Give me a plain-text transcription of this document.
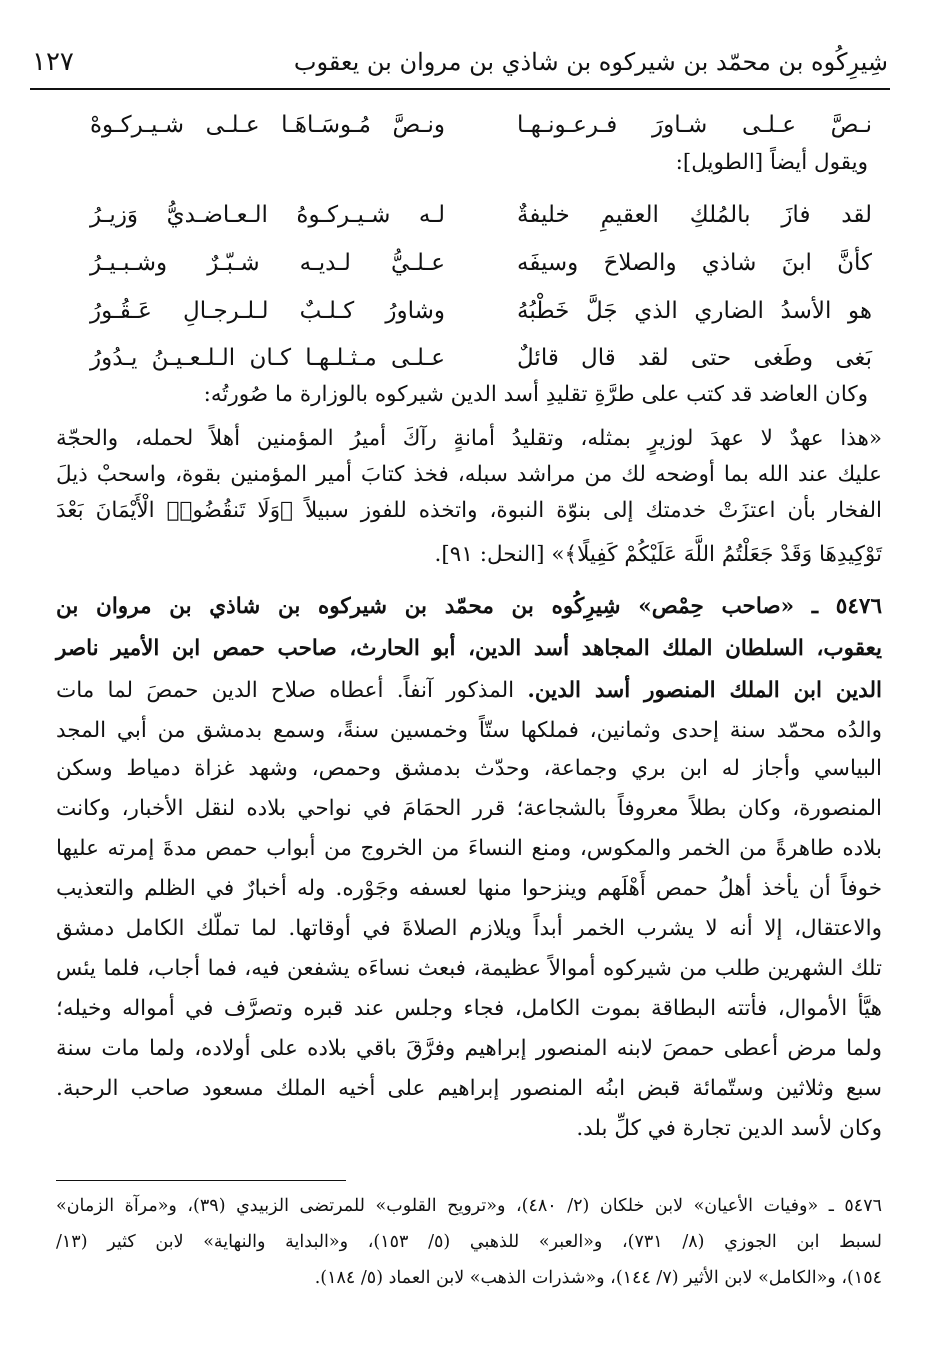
شِيرِكُوه بن محمّد بن شيركوه بن شاذي بن مروان بن يعقوب
١٢٧
نـصَّ عـلـى شـاورَ فـرعـونـهـا
ونـصَّ مُـوسَـاهَـا عـلـى شـيـركـوهْ
ويقول أيضاً [الطويل]:
لقد فازَ بالمُلكِ العقيمِ خليفةٌ
لـه شـيـركـوهُ الـعـاضـديُّ وَزيـرُ
كأنَّ ابنَ شاذي والصلاحَ وسيفَه
عـلـيُّ لـديـه شـبّـرٌ وشـبـيـرُ
هو الأسدُ الضاري الذي جَلَّ خَطْبُهُ
وشاورُ كـلـبٌ لـلـرجـالِ عَـقُـورُ
بَغى وطَغى حتى لقد قال قائلٌ
عـلـى مـثـلـهـا كـان الـلـعـيـنُ يـدُورُ
وكان العاضد قد كتب على طرَّةِ تقليدِ أسد الدين شيركوه بالوزارة ما صُورتُه:
«هذا عهدٌ لا عهدَ لوزيرٍ بمثله، وتقليدُ أمانةٍ رآكَ أميرُ المؤمنين أهلاً لحمله، والحجّة
عليك عند الله بما أوضحه لك من مراشد سبله، فخذ كتابَ أمير المؤمنين بقوة، واسحبْ ذيلَ
الفخار بأن اعتزَتْ خدمتك إلى بنوّة النبوة، واتخذه للفوز سبيلاً ﴿وَلَا تَنقُضُوا۟ الْأَيْمَانَ بَعْدَ
تَوْكِيدِهَا وَقَدْ جَعَلْتُمُ اللَّهَ عَلَيْكُمْ كَفِيلًا﴾» [النحل: ٩١].
٥٤٧٦ ـ «صاحب حِمْص» شِيرِكُوه بن محمّد بن شيركوه بن شاذي بن مروان بن
يعقوب، السلطان الملك المجاهد أسد الدين، أبو الحارث، صاحب حمص ابن الأمير ناصر
الدين ابن الملك المنصور أسد الدين. المذكور آنفاً. أعطاه صلاح الدين حمصَ لما مات
والدُه محمّد سنة إحدى وثمانين، فملكها ستّاً وخمسين سنةً، وسمع بدمشق من أبي المجد
البياسي وأجاز له ابن بري وجماعة، وحدّث بدمشق وحمص، وشهد غزاة دمياط وسكن
المنصورة، وكان بطلاً معروفاً بالشجاعة؛ قرر الحمَامَ في نواحي بلاده لنقل الأخبار، وكانت
بلاده طاهرةً من الخمر والمكوس، ومنع النساءَ من الخروج من أبواب حمص مدةَ إمرته عليها
خوفاً أن يأخذ أهلُ حمص أَهْلَهم وينزحوا منها لعسفه وجَوْره. وله أخبارٌ في الظلم والتعذيب
والاعتقال، إلا أنه لا يشرب الخمر أبداً ويلازم الصلاةَ في أوقاتها. لما تملّك الكامل دمشق
تلك الشهرين طلب من شيركوه أموالاً عظيمة، فبعث نساءَه يشفعن فيه، فما أجاب، فلما يئس
هيَّأ الأموال، فأتته البطاقة بموت الكامل، فجاء وجلس عند قبره وتصرَّف في أمواله وخيله؛
ولما مرض أعطى حمصَ لابنه المنصور إبراهيم وفرَّقَ باقي بلاده على أولاده، ولما مات سنة
سبع وثلاثين وستّمائة قبض ابنُه المنصور إبراهيم على أخيه الملك مسعود صاحب الرحبة.
وكان لأسد الدين تجارة في كلِّ بلد.
٥٤٧٦ ـ «وفيات الأعيان» لابن خلكان (٢/ ٤٨٠)، و«ترويح القلوب» للمرتضى الزبيدي (٣٩)، و«مرآة الزمان»
لسبط ابن الجوزي (٨/ ٧٣١)، و«العبر» للذهبي (٥/ ١٥٣)، و«البداية والنهاية» لابن كثير (١٣/
١٥٤)، و«الكامل» لابن الأثير (٧/ ١٤٤)، و«شذرات الذهب» لابن العماد (٥/ ١٨٤).
